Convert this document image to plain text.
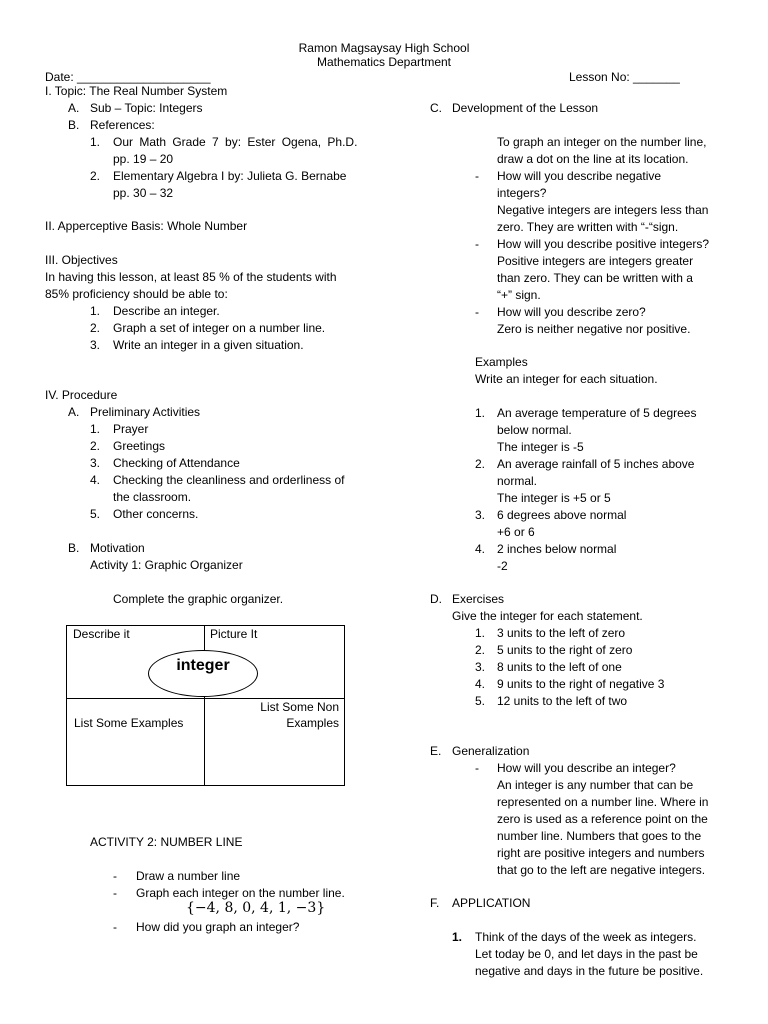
Ramon Magsaysay High School
Mathematics Department
Date: ____________________	Lesson No: _______
I. Topic: The Real Number System
A. Sub – Topic: Integers
B. References:
1. Our Math Grade 7 by: Ester Ogena, Ph.D.
pp. 19 – 20
2. Elementary Algebra I by: Julieta G. Bernabe
pp. 30 – 32
II. Apperceptive Basis: Whole Number
III. Objectives
In having this lesson, at least 85 % of the students with
85% proficiency should be able to:
1. Describe an integer.
2. Graph a set of integer on a number line.
3. Write an integer in a given situation.
IV. Procedure
A. Preliminary Activities
1. Prayer
2. Greetings
3. Checking of Attendance
4. Checking the cleanliness and orderliness of
the classroom.
5. Other concerns.
B. Motivation
Activity 1: Graphic Organizer
Complete the graphic organizer.
Describe it	Picture It
integer
List Some Examples
List Some Non
Examples
ACTIVITY 2: NUMBER LINE
- Draw a number line
- Graph each integer on the number line.
{−4, 8, 0, 4, 1, −3}
- How did you graph an integer?
C. Development of the Lesson
To graph an integer on the number line,
draw a dot on the line at its location.
- How will you describe negative
integers?
Negative integers are integers less than
zero. They are written with “-“sign.
- How will you describe positive integers?
Positive integers are integers greater
than zero. They can be written with a
“+” sign.
- How will you describe zero?
Zero is neither negative nor positive.
Examples
Write an integer for each situation.
1. An average temperature of 5 degrees
below normal.
The integer is -5
2. An average rainfall of 5 inches above
normal.
The integer is +5 or 5
3. 6 degrees above normal
+6 or 6
4. 2 inches below normal
-2
D. Exercises
Give the integer for each statement.
1. 3 units to the left of zero
2. 5 units to the right of zero
3. 8 units to the left of one
4. 9 units to the right of negative 3
5. 12 units to the left of two
E. Generalization
- How will you describe an integer?
An integer is any number that can be
represented on a number line. Where in
zero is used as a reference point on the
number line. Numbers that goes to the
right are positive integers and numbers
that go to the left are negative integers.
F. APPLICATION
1. Think of the days of the week as integers.
Let today be 0, and let days in the past be
negative and days in the future be positive.
